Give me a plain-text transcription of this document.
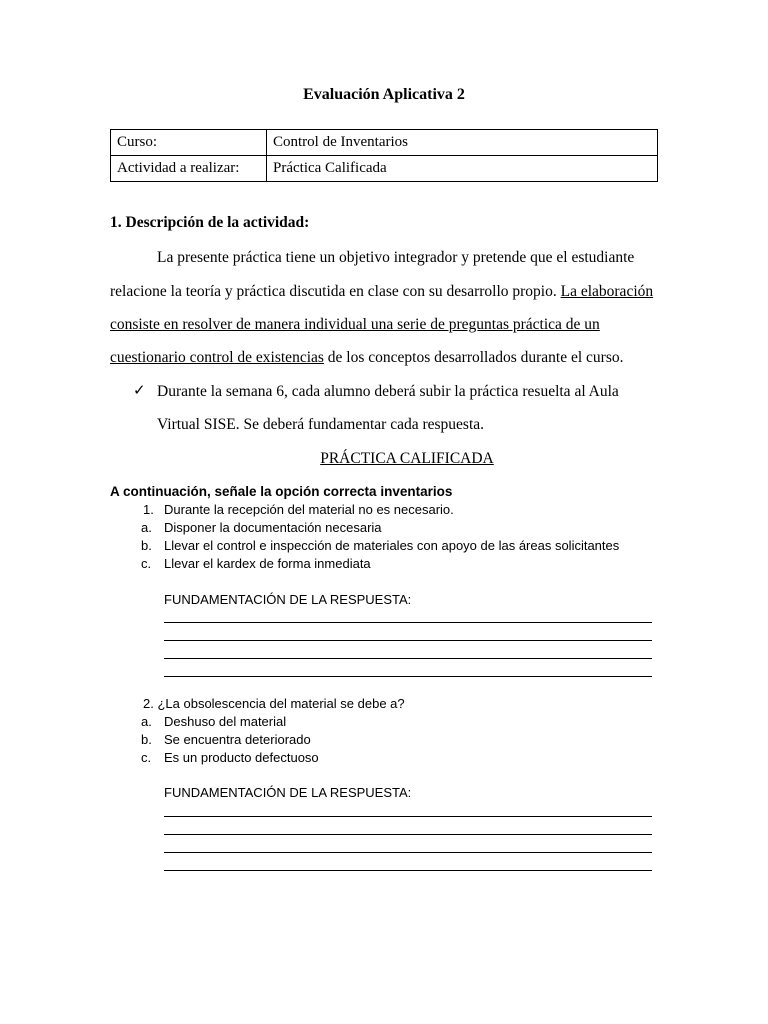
Evaluación Aplicativa 2
Curso:	Control de Inventarios
Actividad a realizar:	Práctica Calificada
1. Descripción de la actividad:
La presente práctica tiene un objetivo integrador y pretende que el estudiante
relacione la teoría y práctica discutida en clase con su desarrollo propio. La elaboración
consiste en resolver de manera individual una serie de preguntas práctica de un
cuestionario control de existencias de los conceptos desarrollados durante el curso.
✓ Durante la semana 6, cada alumno deberá subir la práctica resuelta al Aula
Virtual SISE. Se deberá fundamentar cada respuesta.
PRÁCTICA CALIFICADA
A continuación, señale la opción correcta inventarios
1. Durante la recepción del material no es necesario.
a. Disponer la documentación necesaria
b. Llevar el control e inspección de materiales con apoyo de las áreas solicitantes
c. Llevar el kardex de forma inmediata
FUNDAMENTACIÓN DE LA RESPUESTA:
2. ¿La obsolescencia del material se debe a?
a. Deshuso del material
b. Se encuentra deteriorado
c. Es un producto defectuoso
FUNDAMENTACIÓN DE LA RESPUESTA:
